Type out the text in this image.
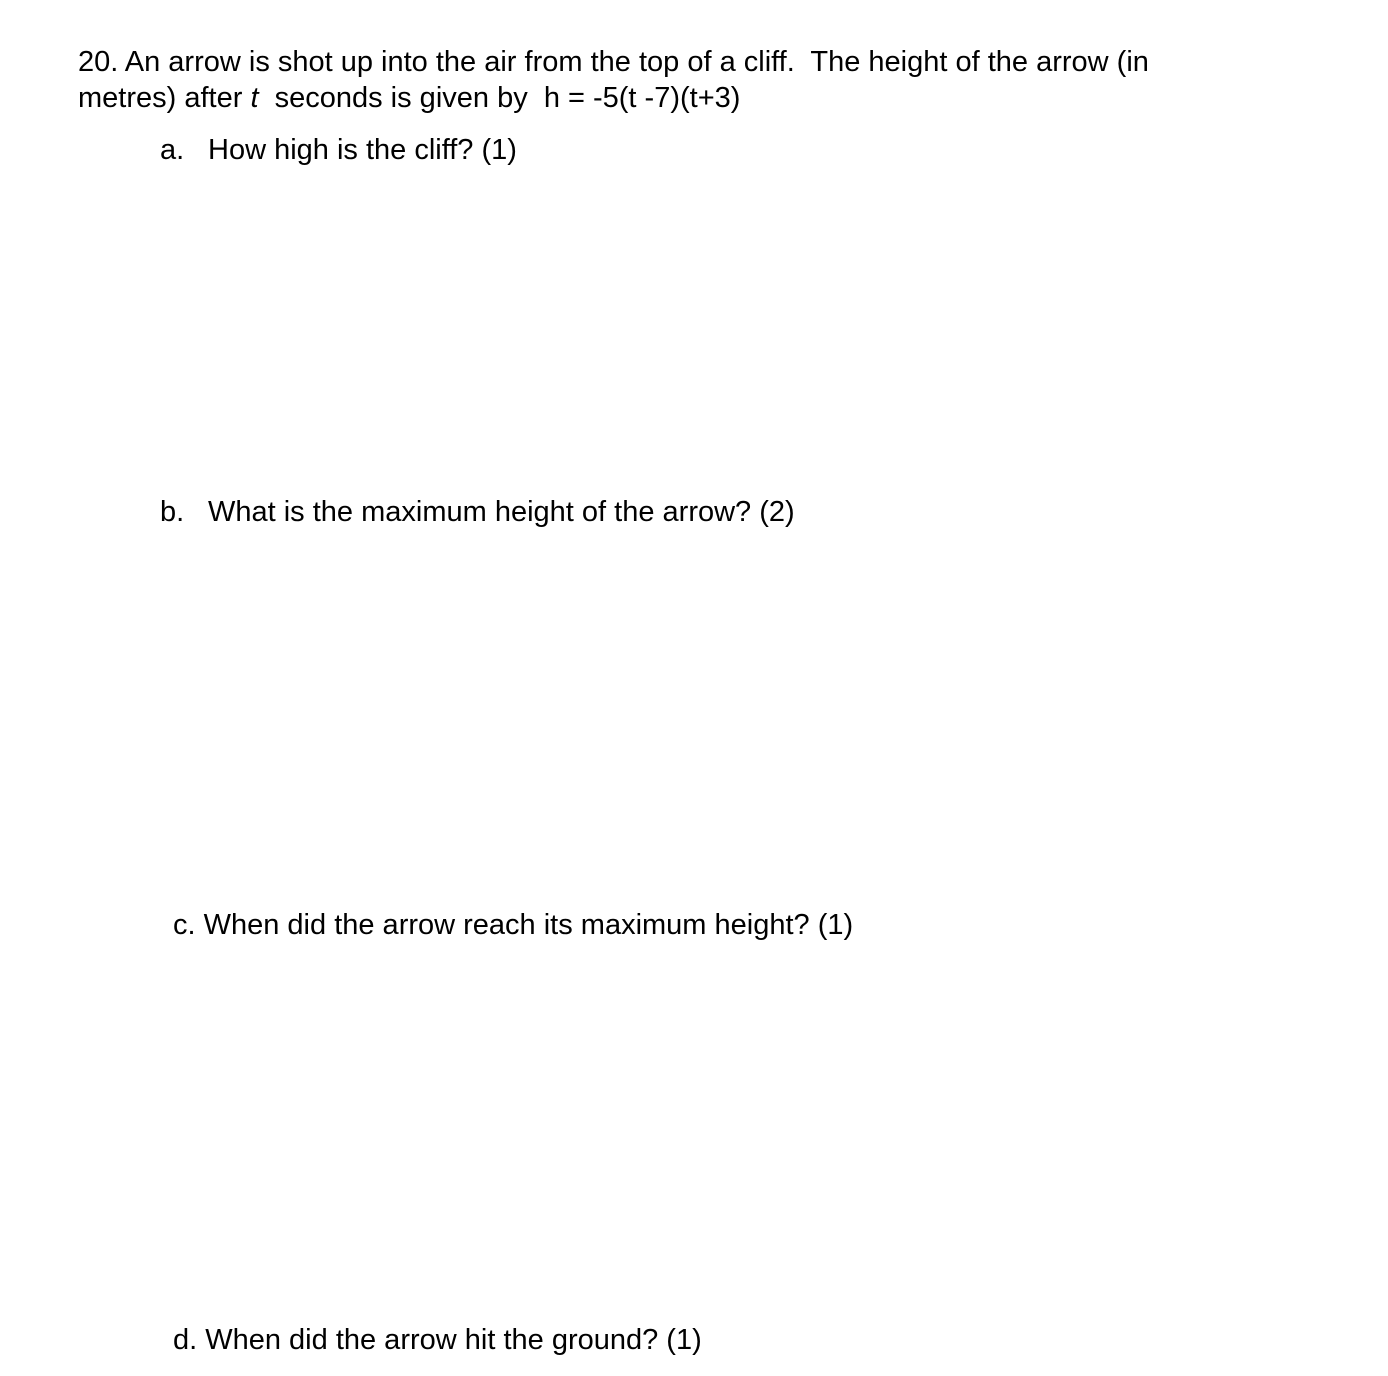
20. An arrow is shot up into the air from the top of a cliff.  The height of the arrow (in
metres) after t  seconds is given by  h = -5(t -7)(t+3)

a. How high is the cliff? (1)

b. What is the maximum height of the arrow? (2)

c. When did the arrow reach its maximum height? (1)

d. When did the arrow hit the ground? (1)
